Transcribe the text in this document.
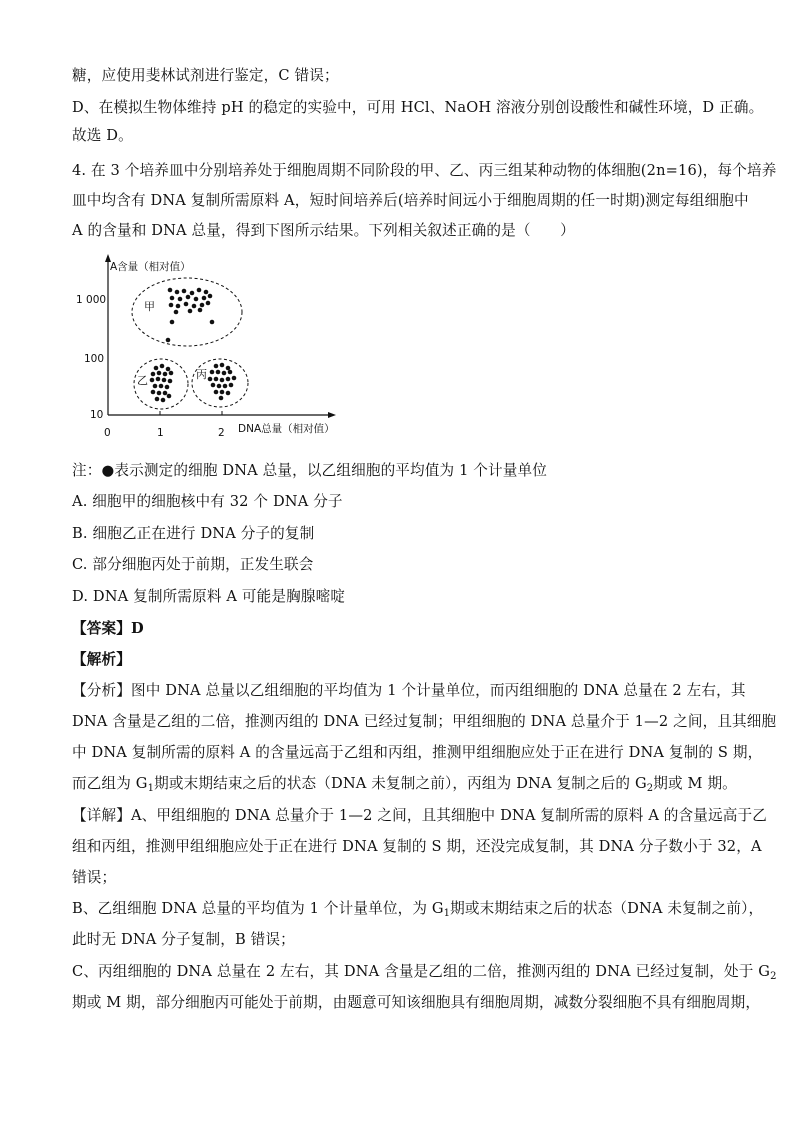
糖，应使用斐林试剂进行鉴定，C 错误；
D、在模拟生物体维持 pH 的稳定的实验中，可用 HCl、NaOH 溶液分别创设酸性和碱性环境，D 正确。
故选 D。
4. 在 3 个培养皿中分别培养处于细胞周期不同阶段的甲、乙、丙三组某种动物的体细胞(2n=16)，每个培养
皿中均含有 DNA 复制所需原料 A，短时间培养后(培养时间远小于细胞周期的任一时期)测定每组细胞中
A 的含量和 DNA 总量，得到下图所示结果。下列相关叙述正确的是（　　）
A含量（相对值）
DNA总量（相对值）
1 000
100
10
0	1	2
甲
乙	丙
注：●表示测定的细胞 DNA 总量，以乙组细胞的平均值为 1 个计量单位
A. 细胞甲的细胞核中有 32 个 DNA 分子
B. 细胞乙正在进行 DNA 分子的复制
C. 部分细胞丙处于前期，正发生联会
D. DNA 复制所需原料 A 可能是胸腺嘧啶
【答案】D
【解析】
【分析】图中 DNA 总量以乙组细胞的平均值为 1 个计量单位，而丙组细胞的 DNA 总量在 2 左右，其
DNA 含量是乙组的二倍，推测丙组的 DNA 已经过复制；甲组细胞的 DNA 总量介于 1—2 之间，且其细胞
中 DNA 复制所需的原料 A 的含量远高于乙组和丙组，推测甲组细胞应处于正在进行 DNA 复制的 S 期，
而乙组为 $G_1$期或末期结束之后的状态（DNA 未复制之前），丙组为 DNA 复制之后的 $G_2$期或 M 期。
【详解】A、甲组细胞的 DNA 总量介于 1—2 之间，且其细胞中 DNA 复制所需的原料 A 的含量远高于乙
组和丙组，推测甲组细胞应处于正在进行 DNA 复制的 S 期，还没完成复制，其 DNA 分子数小于 32，A
错误；
B、乙组细胞 DNA 总量的平均值为 1 个计量单位，为 $G_1$期或末期结束之后的状态（DNA 未复制之前），
此时无 DNA 分子复制，B 错误；
C、丙组细胞的 DNA 总量在 2 左右，其 DNA 含量是乙组的二倍，推测丙组的 DNA 已经过复制，处于 $G_2$
期或 M 期，部分细胞丙可能处于前期，由题意可知该细胞具有细胞周期，减数分裂细胞不具有细胞周期，
